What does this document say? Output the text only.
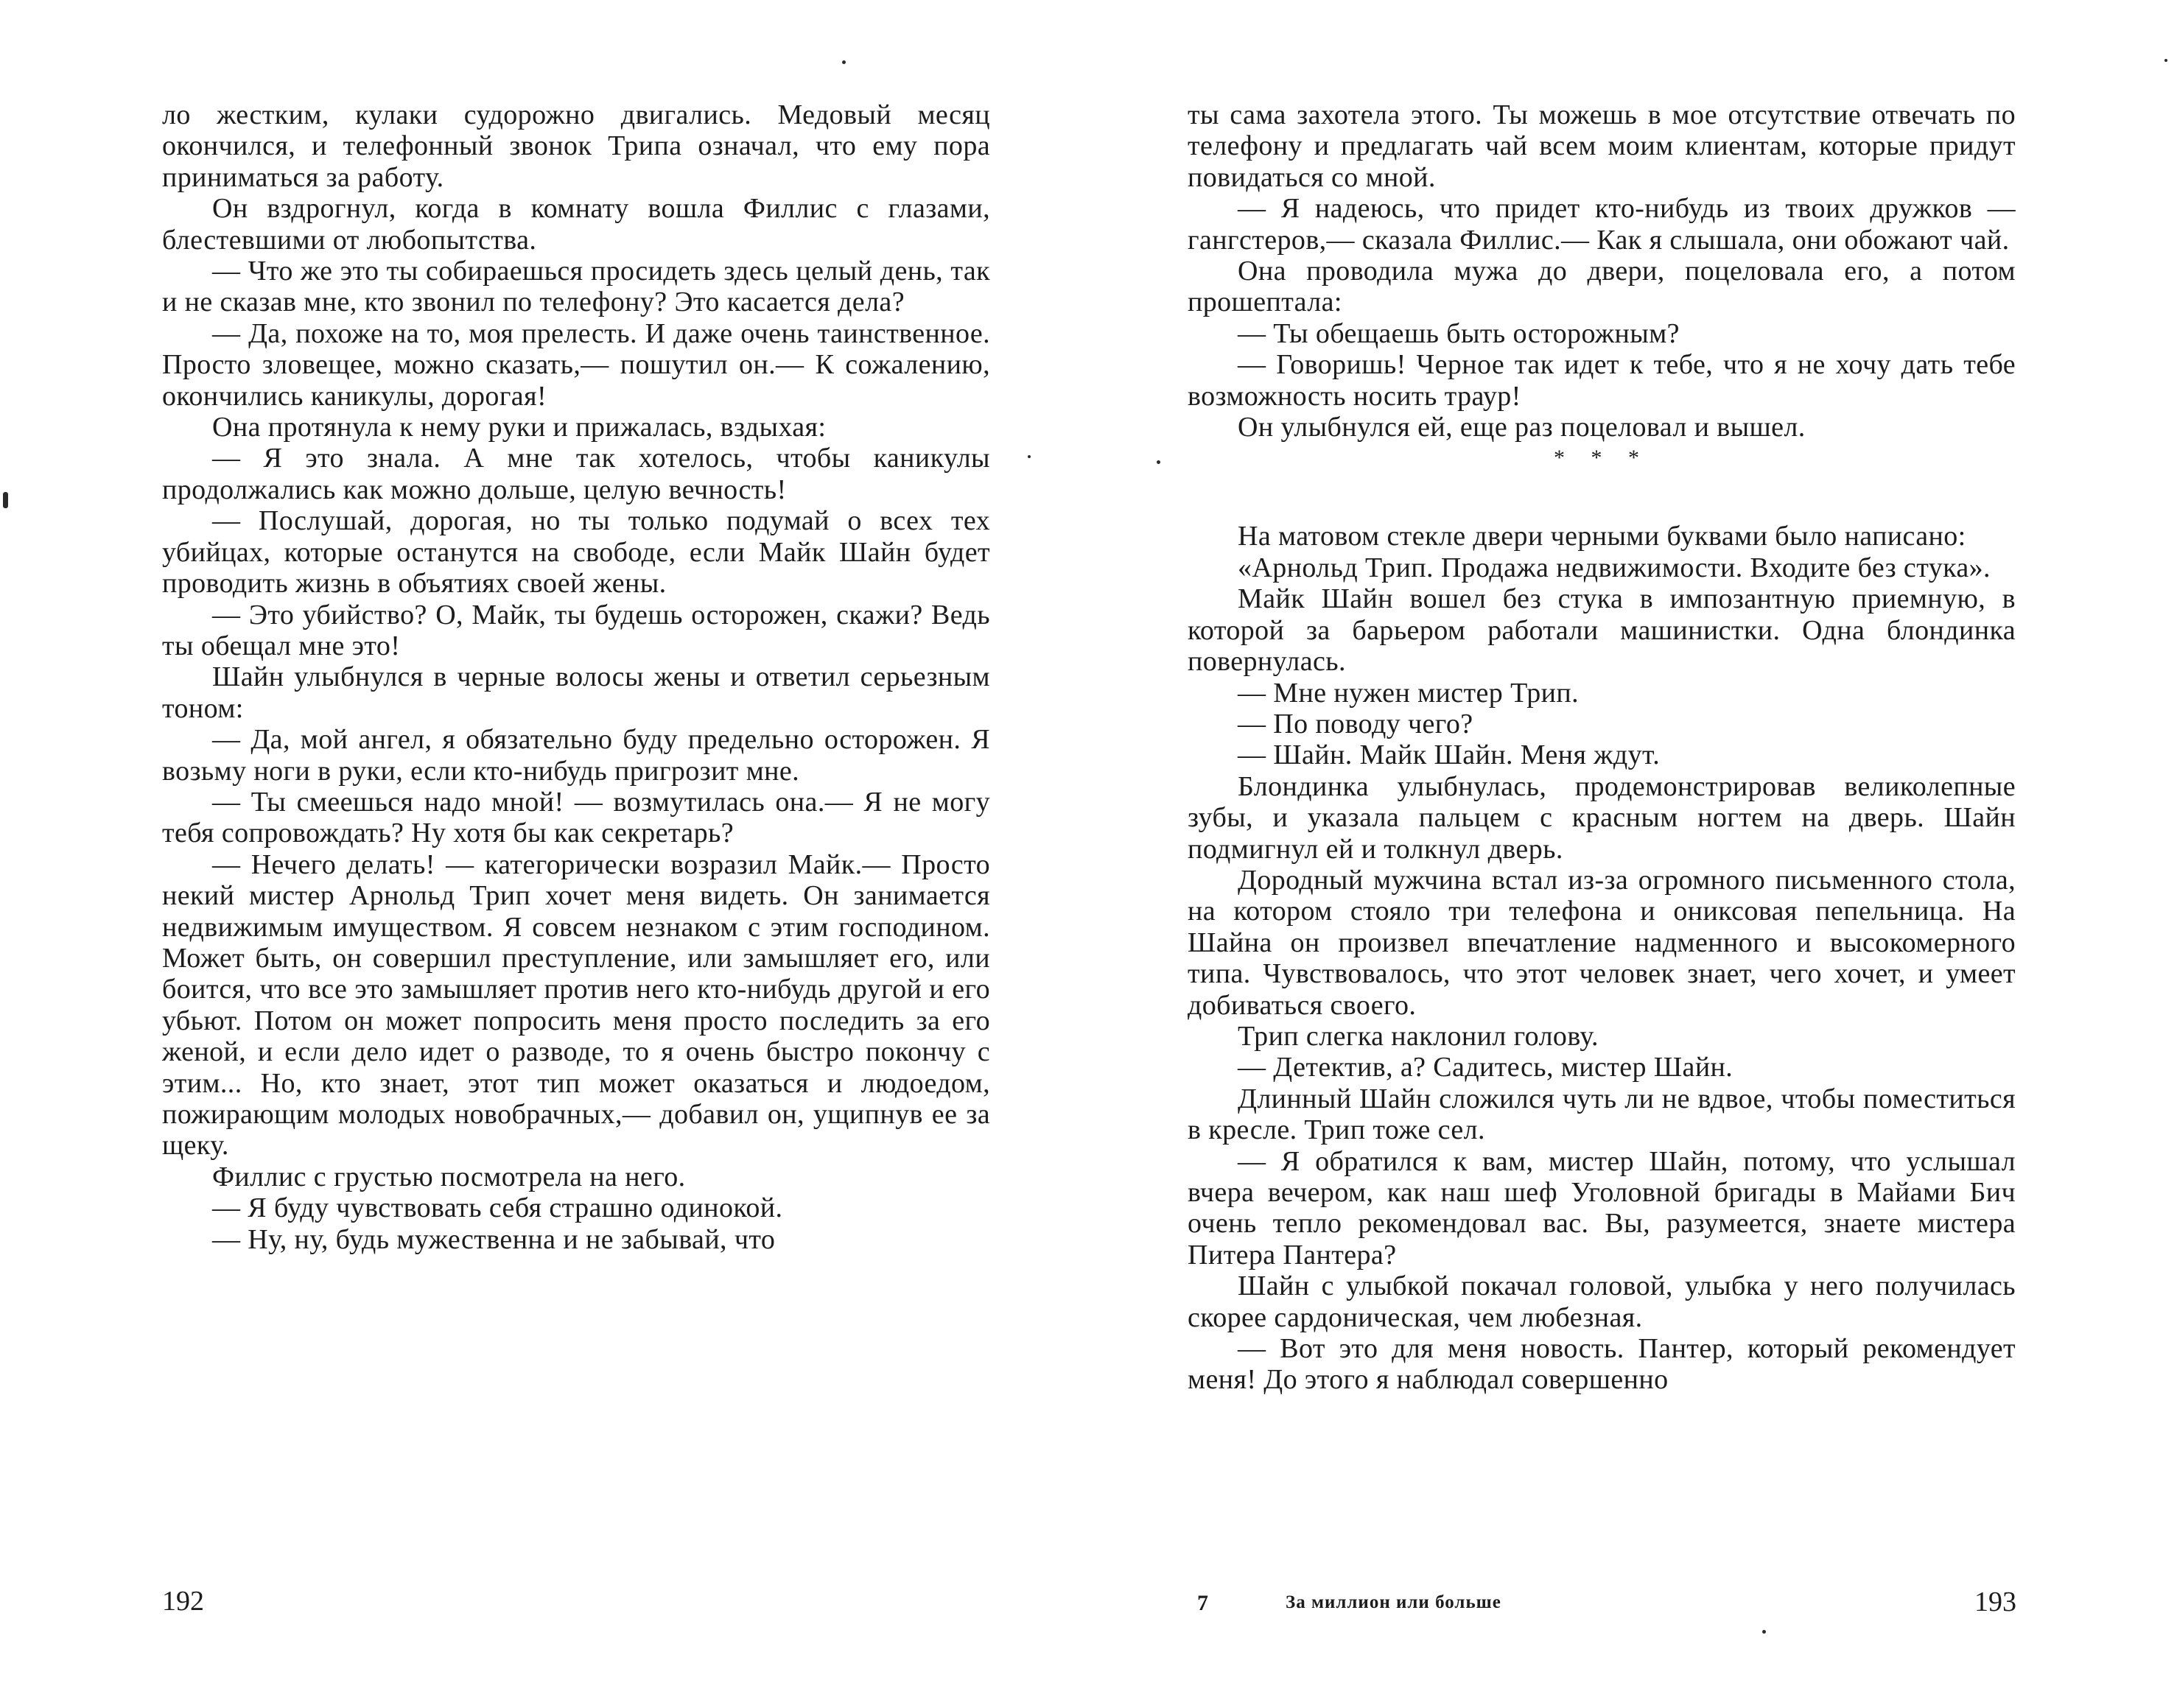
ло жестким, кулаки судорожно двигались. Медовый месяц окончился, и телефонный звонок Трипа означал, что ему пора приниматься за работу.

Он вздрогнул, когда в комнату вошла Филлис с глазами, блестевшими от любопытства.

— Что же это ты собираешься просидеть здесь целый день, так и не сказав мне, кто звонил по телефону? Это касается дела?

— Да, похоже на то, моя прелесть. И даже очень таинственное. Просто зловещее, можно сказать,— пошутил он.— К сожалению, окончились каникулы, дорогая!

Она протянула к нему руки и прижалась, вздыхая:

— Я это знала. А мне так хотелось, чтобы каникулы продолжались как можно дольше, целую вечность!

— Послушай, дорогая, но ты только подумай о всех тех убийцах, которые останутся на свободе, если Майк Шайн будет проводить жизнь в объятиях своей жены.

— Это убийство? О, Майк, ты будешь осторожен, скажи? Ведь ты обещал мне это!

Шайн улыбнулся в черные волосы жены и ответил серьезным тоном:

— Да, мой ангел, я обязательно буду предельно осторожен. Я возьму ноги в руки, если кто-нибудь пригрозит мне.

— Ты смеешься надо мной! — возмутилась она.— Я не могу тебя сопровождать? Ну хотя бы как секретарь?

— Нечего делать! — категорически возразил Майк.— Просто некий мистер Арнольд Трип хочет меня видеть. Он занимается недвижимым имуществом. Я совсем незнаком с этим господином. Может быть, он совершил преступление, или замышляет его, или боится, что все это замышляет против него кто-нибудь другой и его убьют. Потом он может попросить меня просто последить за его женой, и если дело идет о разводе, то я очень быстро покончу с этим... Но, кто знает, этот тип может оказаться и людоедом, пожирающим молодых новобрачных,— добавил он, ущипнув ее за щеку.

Филлис с грустью посмотрела на него.

— Я буду чувствовать себя страшно одинокой.

— Ну, ну, будь мужественна и не забывай, что

192

ты сама захотела этого. Ты можешь в мое отсутствие отвечать по телефону и предлагать чай всем моим клиентам, которые придут повидаться со мной.

— Я надеюсь, что придет кто-нибудь из твоих дружков — гангстеров,— сказала Филлис.— Как я слышала, они обожают чай.

Она проводила мужа до двери, поцеловала его, а потом прошептала:

— Ты обещаешь быть осторожным?

— Говоришь! Черное так идет к тебе, что я не хочу дать тебе возможность носить траур!

Он улыбнулся ей, еще раз поцеловал и вышел.

* * *

На матовом стекле двери черными буквами было написано:

«Арнольд Трип. Продажа недвижимости. Входите без стука».

Майк Шайн вошел без стука в импозантную приемную, в которой за барьером работали машинистки. Одна блондинка повернулась.

— Мне нужен мистер Трип.

— По поводу чего?

— Шайн. Майк Шайн. Меня ждут.

Блондинка улыбнулась, продемонстрировав великолепные зубы, и указала пальцем с красным ногтем на дверь. Шайн подмигнул ей и толкнул дверь.

Дородный мужчина встал из-за огромного письменного стола, на котором стояло три телефона и ониксовая пепельница. На Шайна он произвел впечатление надменного и высокомерного типа. Чувствовалось, что этот человек знает, чего хочет, и умеет добиваться своего.

Трип слегка наклонил голову.

— Детектив, а? Садитесь, мистер Шайн.

Длинный Шайн сложился чуть ли не вдвое, чтобы поместиться в кресле. Трип тоже сел.

— Я обратился к вам, мистер Шайн, потому, что услышал вчера вечером, как наш шеф Уголовной бригады в Майами Бич очень тепло рекомендовал вас. Вы, разумеется, знаете мистера Питера Пантера?

Шайн с улыбкой покачал головой, улыбка у него получилась скорее сардоническая, чем любезная.

— Вот это для меня новость. Пантер, который рекомендует меня! До этого я наблюдал совершенно

7	За миллион или больше	193
